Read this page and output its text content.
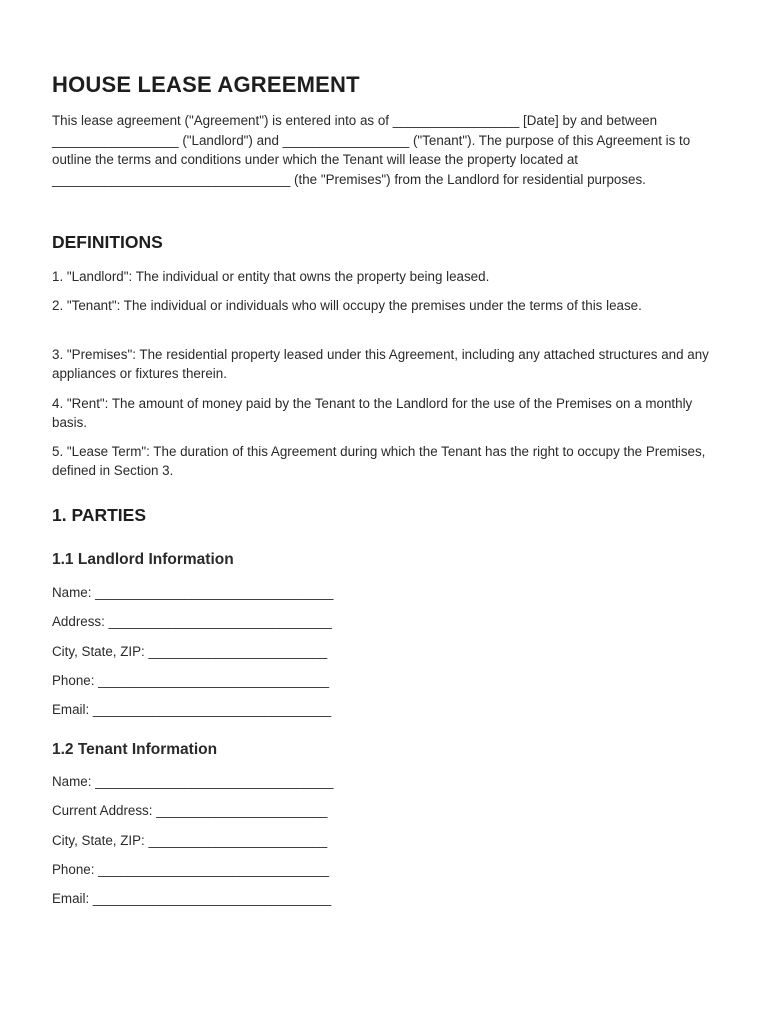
HOUSE LEASE AGREEMENT
This lease agreement ("Agreement") is entered into as of _________________ [Date] by and between _________________ ("Landlord") and _________________ ("Tenant"). The purpose of this Agreement is to outline the terms and conditions under which the Tenant will lease the property located at ________________________________ (the "Premises") from the Landlord for residential purposes.
DEFINITIONS
1. "Landlord": The individual or entity that owns the property being leased.
2. "Tenant": The individual or individuals who will occupy the premises under the terms of this lease.
3. "Premises": The residential property leased under this Agreement, including any attached structures and any appliances or fixtures therein.
4. "Rent": The amount of money paid by the Tenant to the Landlord for the use of the Premises on a monthly basis.
5. "Lease Term": The duration of this Agreement during which the Tenant has the right to occupy the Premises, defined in Section 3.
1. PARTIES
1.1 Landlord Information
Name: ________________________________
Address: ______________________________
City, State, ZIP: ________________________
Phone: _______________________________
Email: ________________________________
1.2 Tenant Information
Name: ________________________________
Current Address: _______________________
City, State, ZIP: ________________________
Phone: _______________________________
Email: ________________________________
